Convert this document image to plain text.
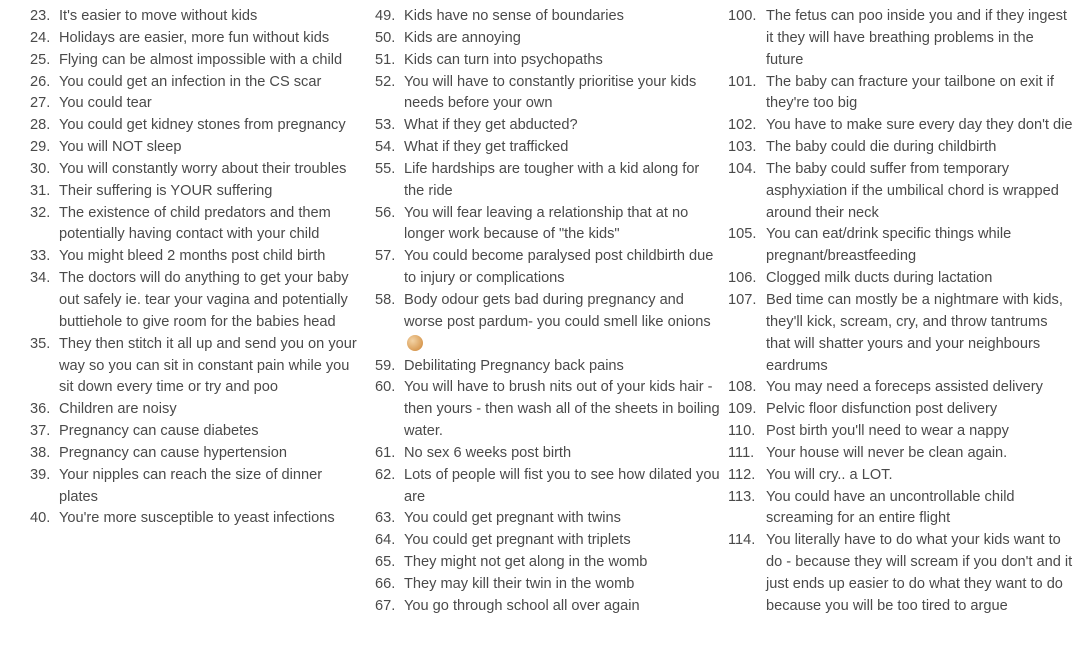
23. It's easier to move without kids
24. Holidays are easier, more fun without kids
25. Flying can be almost impossible with a child
26. You could get an infection in the CS scar
27. You could tear
28. You could get kidney stones from pregnancy
29. You will NOT sleep
30. You will constantly worry about their troubles
31. Their suffering is YOUR suffering
32. The existence of child predators and them potentially having contact with your child
33. You might bleed 2 months post child birth
34. The doctors will do anything to get your baby out safely ie. tear your vagina and potentially buttiehole to give room for the babies head
35. They then stitch it all up and send you on your way so you can sit in constant pain while you sit down every time or try and poo
36. Children are noisy
37. Pregnancy can cause diabetes
38. Pregnancy can cause hypertension
39. Your nipples can reach the size of dinner plates
40. You're more susceptible to yeast infections
49. Kids have no sense of boundaries
50. Kids are annoying
51. Kids can turn into psychopaths
52. You will have to constantly prioritise your kids needs before your own
53. What if they get abducted?
54. What if they get trafficked
55. Life hardships are tougher with a kid along for the ride
56. You will fear leaving a relationship that at no longer work because of "the kids"
57. You could become paralysed post childbirth due to injury or complications
58. Body odour gets bad during pregnancy and worse post pardum- you could smell like onions
59. Debilitating Pregnancy back pains
60. You will have to brush nits out of your kids hair - then yours - then wash all of the sheets in boiling water.
61. No sex 6 weeks post birth
62. Lots of people will fist you to see how dilated you are
63. You could get pregnant with twins
64. You could get pregnant with triplets
65. They might not get along in the womb
66. They may kill their twin in the womb
67. You go through school all over again
100. The fetus can poo inside you and if they ingest it they will have breathing problems in the future
101. The baby can fracture your tailbone on exit if they're too big
102. You have to make sure every day they don't die
103. The baby could die during childbirth
104. The baby could suffer from temporary asphyxiation if the umbilical chord is wrapped around their neck
105. You can eat/drink specific things while pregnant/breastfeeding
106. Clogged milk ducts during lactation
107. Bed time can mostly be a nightmare with kids, they'll kick, scream, cry, and throw tantrums that will shatter yours and your neighbours eardrums
108. You may need a foreceps assisted delivery
109. Pelvic floor disfunction post delivery
110. Post birth you'll need to wear a nappy
111. Your house will never be clean again.
112. You will cry.. a LOT.
113. You could have an uncontrollable child screaming for an entire flight
114. You literally have to do what your kids want to do - because they will scream if you don't and it just ends up easier to do what they want to do because you will be too tired to argue
